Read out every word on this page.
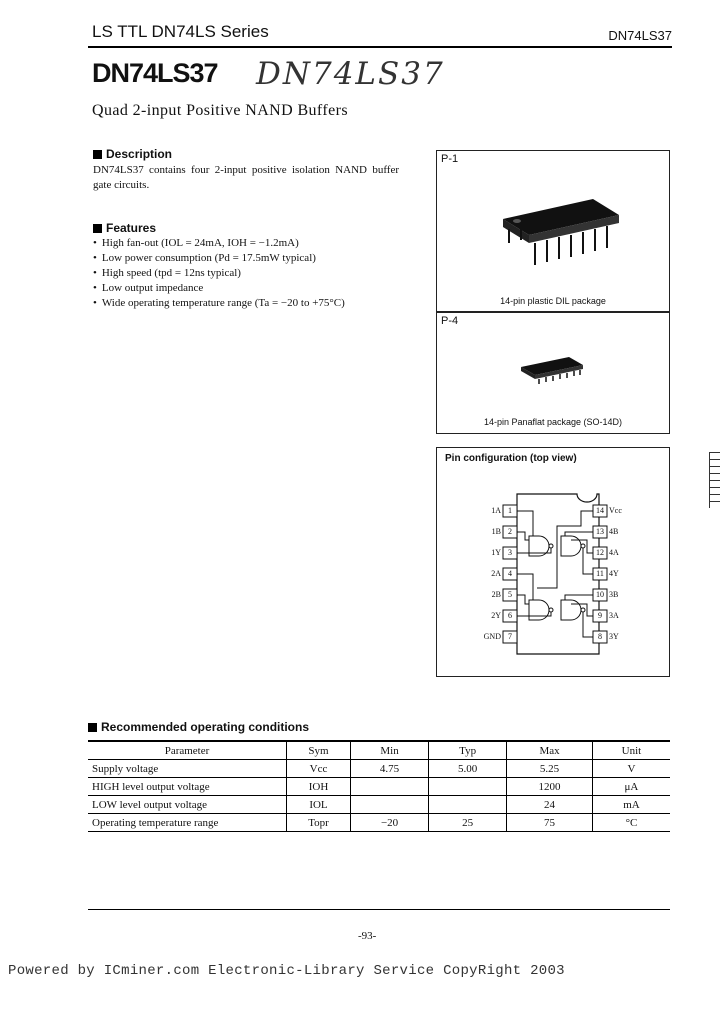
LS TTL DN74LS Series	DN74LS37
DN74LS37 DN74LS37
Quad 2-input Positive NAND Buffers
Description
DN74LS37 contains four 2-input positive isolation NAND buffer gate circuits.
Features
• High fan-out (IOL = 24mA, IOH = −1.2mA)
• Low power consumption (Pd = 17.5mW typical)
• High speed (tpd = 12ns typical)
• Low output impedance
• Wide operating temperature range (Ta = −20 to +75°C)
P-1
14-pin plastic DIL package
P-4
14-pin Panaflat package (SO-14D)
Pin configuration (top view)
1
2
3
4
5
6
7
1A
1B
1Y
2A
2B
2Y
GND
14
13
12
11
10
9
8
Vcc
4B
4A
4Y
3B
3A
3Y
Recommended operating conditions
Parameter	Sym	Min	Typ	Max	Unit
Supply voltage	Vcc	4.75	5.00	5.25	V
HIGH level output voltage	IOH			1200	μA
LOW level output voltage	IOL			24	mA
Operating temperature range	Topr	−20	25	75	°C
-93-
Powered by ICminer.com Electronic-Library Service CopyRight 2003
